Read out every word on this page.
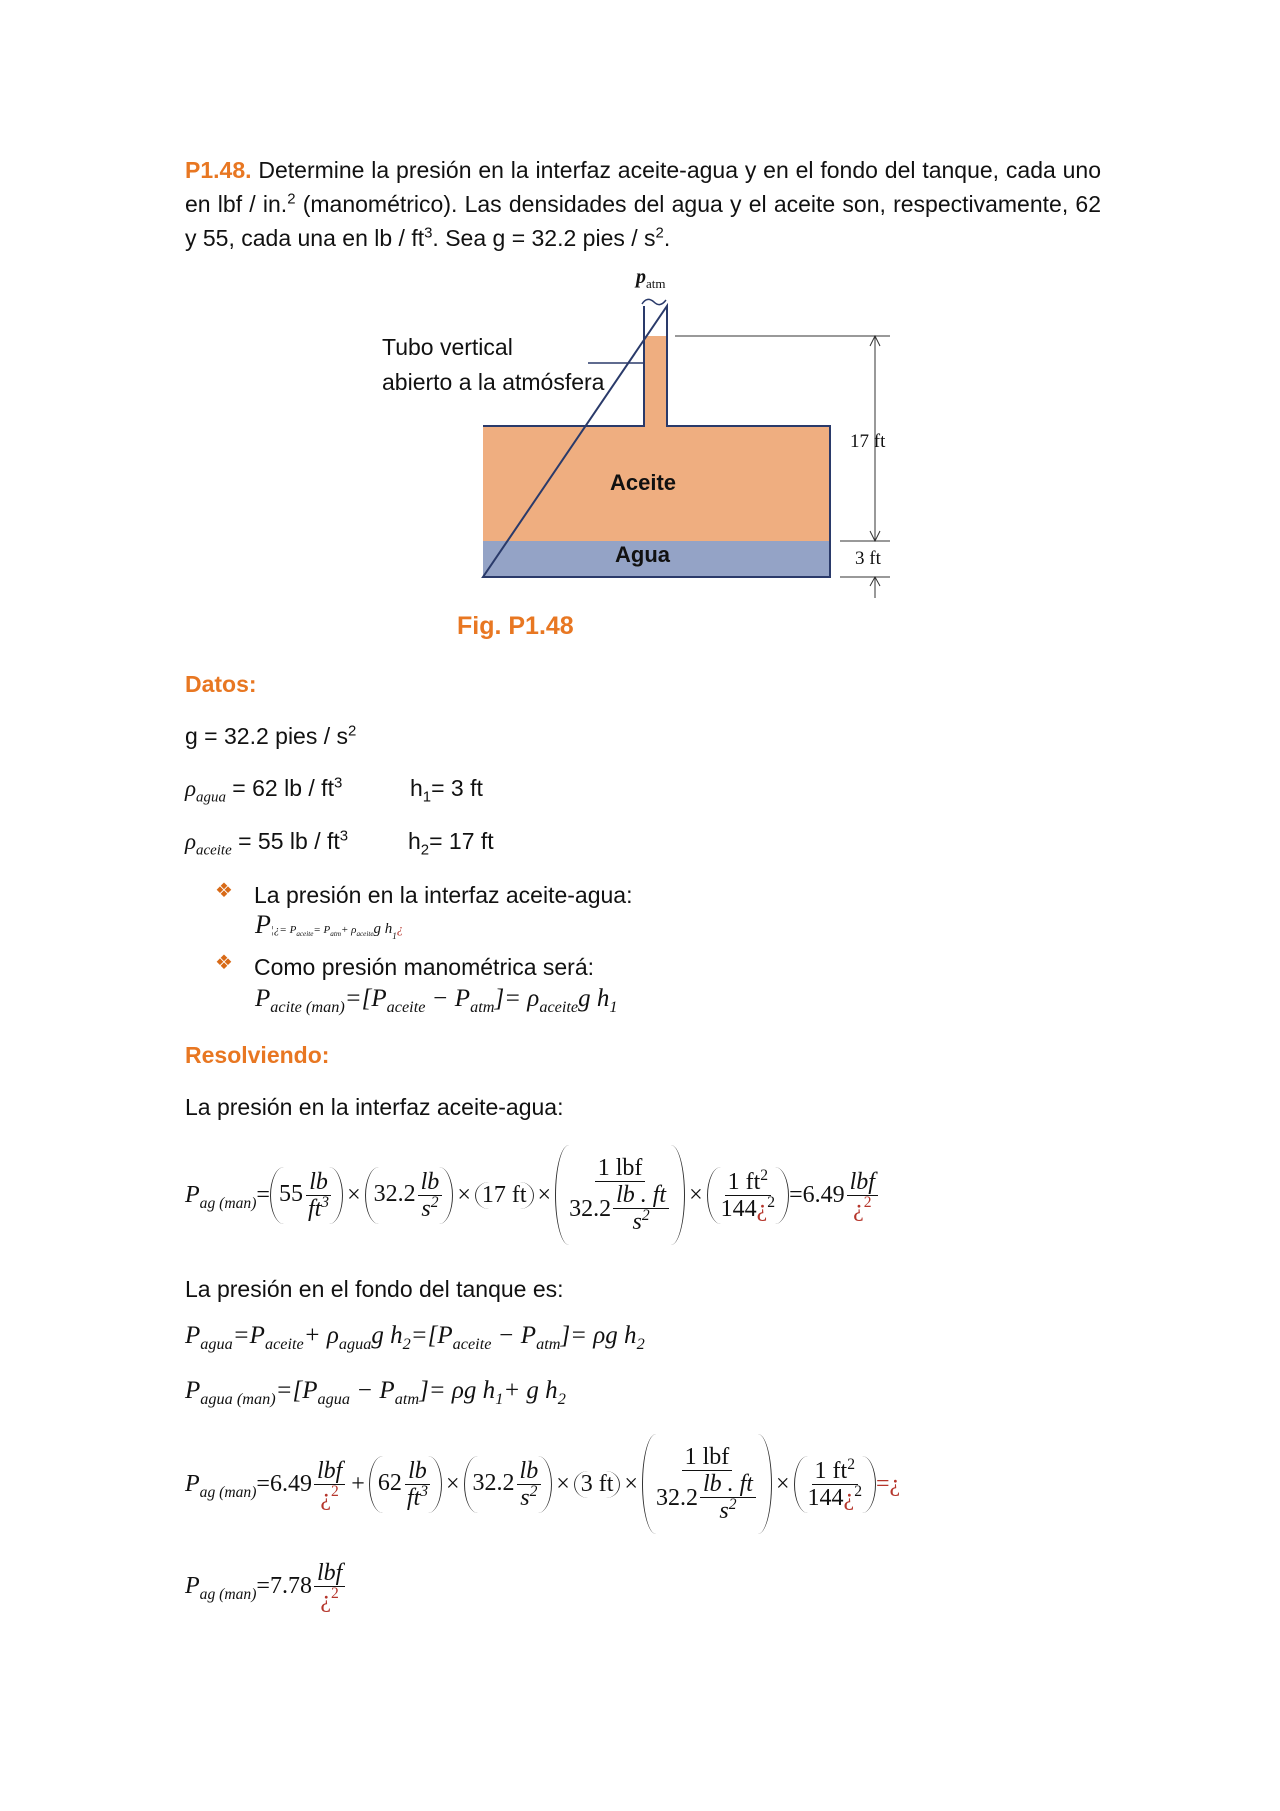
P1.48. Determine la presión en la interfaz aceite-agua y en el fondo del tanque, cada uno en lbf / in.$^2$ (manométrico). Las densidades del agua y el aceite son, respectivamente, 62 y 55, cada una en lb / $ft^3$. Sea g = 32.2 pies / $s^2$.
$p_{atm}$
Tubo vertical
abierto a la atmósfera
Aceite
Agua
17 ft
3 ft
Fig. P1.48
Datos:
g = 32.2 pies / $s^2$
$\rho_{agua} = 62$ lb / $ft^3$	$h_1= 3$ ft
$\rho_{aceite} = 55$ lb / $ft^3$	$h_2= 17$ ft
❖ La presión en la interfaz aceite-agua:
P¦¿= $P_{aceite}= P_{atm}+ \rho_{aceite}g$ $h_1¿$
❖ Como presión manométrica será:
$P_{acite (man)}=[P_{aceite} - P_{atm}]= \rho_{aceite}g$ $h_1$
Resolviendo:
La presión en la interfaz aceite-agua:
$P_{ag (man)} = 55 \frac{lb}{ft^3} \times 32.2 \frac{lb}{s^2} \times 17$ ft × $\frac{\text{1 lbf}}{32.2 \frac{lb . ft}{s^2}} \times \frac{1 ft^2}{144¿^2} =6.49 \frac{\text{lbf}}{¿^2}$
La presión en el fondo del tanque es:
$P_{agua}=P_{aceite}+ \rho_{agua}g$ $h_2=[P_{aceite} - P_{atm}]= \rho g$ $h_2$
$P_{agua (man)}=[P_{agua} - P_{atm}]= \rho g$ $h_1+ g$ $h_2$
$P_{ag (man)} =6.49 \frac{\text{lbf}}{¿^2} + 62 \frac{lb}{ft^3} \times 32.2 \frac{lb}{s^2} \times 3$ ft × $\frac{\text{1 lbf}}{32.2 \frac{lb . ft}{s^2}} \times \frac{1 ft^2}{144¿^2}$ =¿
$P_{ag (man)} =7.78 \frac{\text{lbf}}{¿^2}$
